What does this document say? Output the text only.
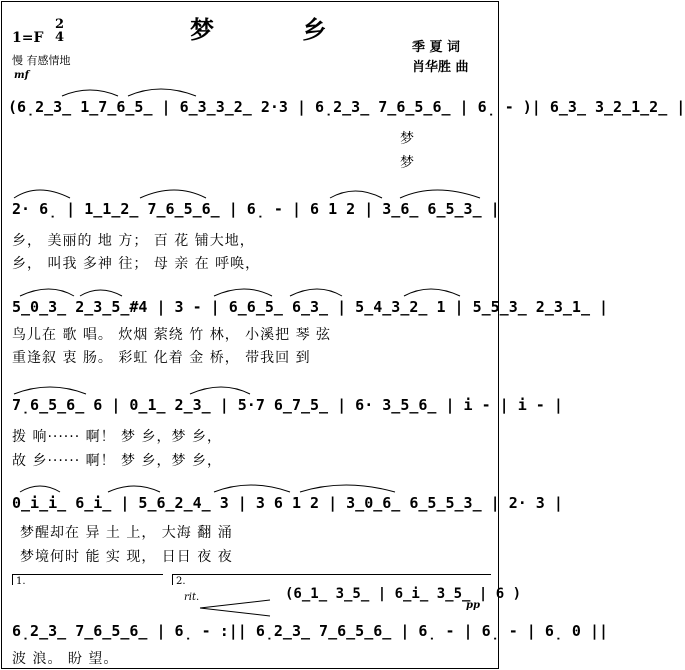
梦 乡
1=F
2
4
慢 有感情地
mf
季 夏 词
肖华胜 曲
(6̣2̲3̲ 1̲7̲6̲5̲ | 6̲3̲3̲2̲ 2·3 | 6̣2̲3̲ 7̲6̲5̲6̲ | 6̣ - )| 6̲3̲ 3̲2̲1̲2̲ |
梦
梦
2· 6̣ | 1̲1̲2̲ 7̲6̲5̲6̲ | 6̣ - | 6 1 2 | 3̲6̲ 6̲5̲3̲ |
乡， 美丽的 地 方； 百 花 铺大地，
乡， 叫我 多神 往； 母 亲 在 呼唤，
5̲0̲3̲ 2̲3̲5̲#4 | 3 - | 6̲6̲5̲ 6̲3̲ | 5̲4̲3̲2̲ 1 | 5̲5̲3̲ 2̲3̲1̲ |
鸟儿在 歌 唱。 炊烟 萦绕 竹 林， 小溪把 琴 弦
重逢叙 衷 肠。 彩虹 化着 金 桥， 带我回 到
7̣6̲5̲6̲ 6 | 0̲1̲ 2̲3̲ | 5·7 6̲7̲5̲ | 6· 3̲5̲6̲ | i - | i - |
拨 响······ 啊！ 梦 乡，梦 乡，
故 乡······ 啊！ 梦 乡，梦 乡，
0̲i̲i̲ 6̲i̲ | 5̲6̲2̲4̲ 3 | 3 6 1 2 | 3̲0̲6̲ 6̲5̲5̲3̲ | 2· 3 |
梦醒却在 异 土 上， 大海 翻 涌
梦境何时 能 实 现， 日日 夜 夜
1.	2.
rit.	(6̲1̲ 3̲5̲ | 6̲i̲ 3̲5̲ | 6 )
pp
6̣2̲3̲ 7̲6̲5̲6̲ | 6̣ - :|| 6̣2̲3̲ 7̲6̲5̲6̲ | 6̣ - | 6̣ - | 6̣ 0 ||
波 浪。 盼 望。
